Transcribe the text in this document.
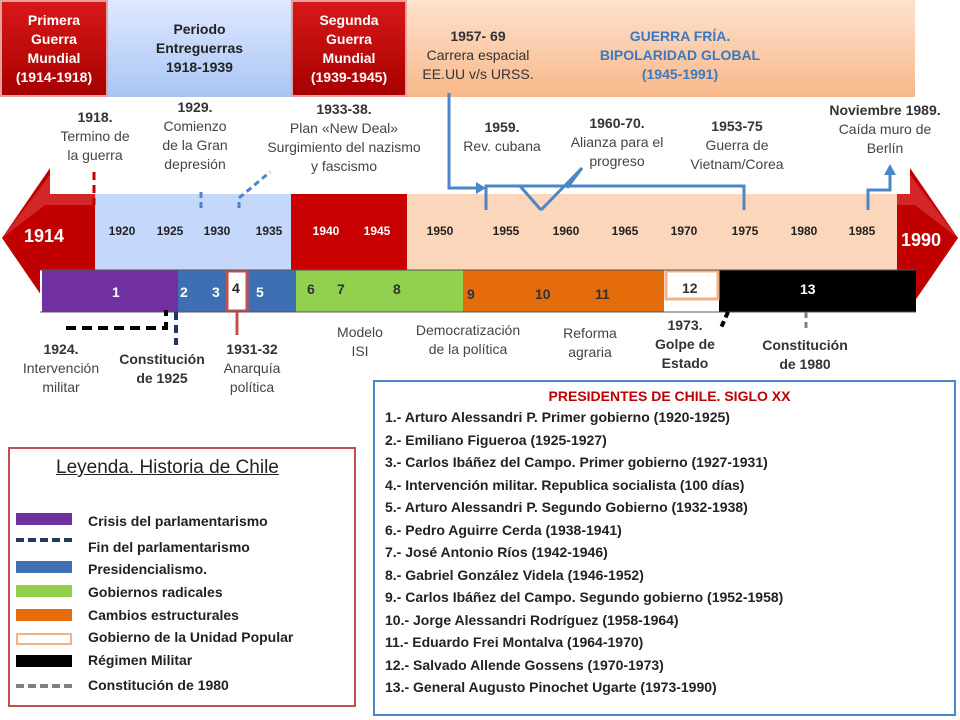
Primera
Guerra
Mundial
(1914-1918)
Periodo
Entreguerras
1918-1939
Segunda
Guerra
Mundial
(1939-1945)
1957- 69
Carrera espacial
EE.UU v/s URSS.
GUERRA FRÍA.
BIPOLARIDAD GLOBAL
(1945-1991)
1918.
Termino de
la guerra
1929.
Comienzo
de la Gran
depresión
1933-38.
Plan «New Deal»
Surgimiento del nazismo
y fascismo
1959.
Rev. cubana
1960-70.
Alianza para el
progreso
1953-75
Guerra de
Vietnam/Corea
Noviembre 1989.
Caída muro de
Berlín
1914	1990
1920	1925	1930	1935	1940	1945	1950	1955	1960	1965	1970	1975	1980	1985
1	2 3 4 5	6 7	8	9	10	11	12	13
1924.
Intervención
militar
Constitución
de 1925
1931-32
Anarquía
política
Modelo
ISI
Democratización
de la política
Reforma
agraria
1973.
Golpe de
Estado
Constitución
de 1980
Leyenda. Historia de Chile
Crisis del parlamentarismo
Fin del parlamentarismo
Presidencialismo.
Gobiernos radicales
Cambios estructurales
Gobierno de la Unidad Popular
Régimen Militar
Constitución de 1980
PRESIDENTES DE CHILE. SIGLO XX
1.- Arturo Alessandri P. Primer gobierno (1920-1925)
2.- Emiliano Figueroa (1925-1927)
3.- Carlos Ibáñez del Campo. Primer gobierno (1927-1931)
4.- Intervención militar. Republica socialista (100 días)
5.- Arturo Alessandri P. Segundo Gobierno (1932-1938)
6.- Pedro Aguirre Cerda (1938-1941)
7.- José Antonio Ríos (1942-1946)
8.- Gabriel González Videla (1946-1952)
9.- Carlos Ibáñez del Campo. Segundo gobierno (1952-1958)
10.- Jorge Alessandri Rodríguez (1958-1964)
11.- Eduardo Frei Montalva (1964-1970)
12.- Salvado Allende Gossens (1970-1973)
13.- General Augusto Pinochet Ugarte (1973-1990)
